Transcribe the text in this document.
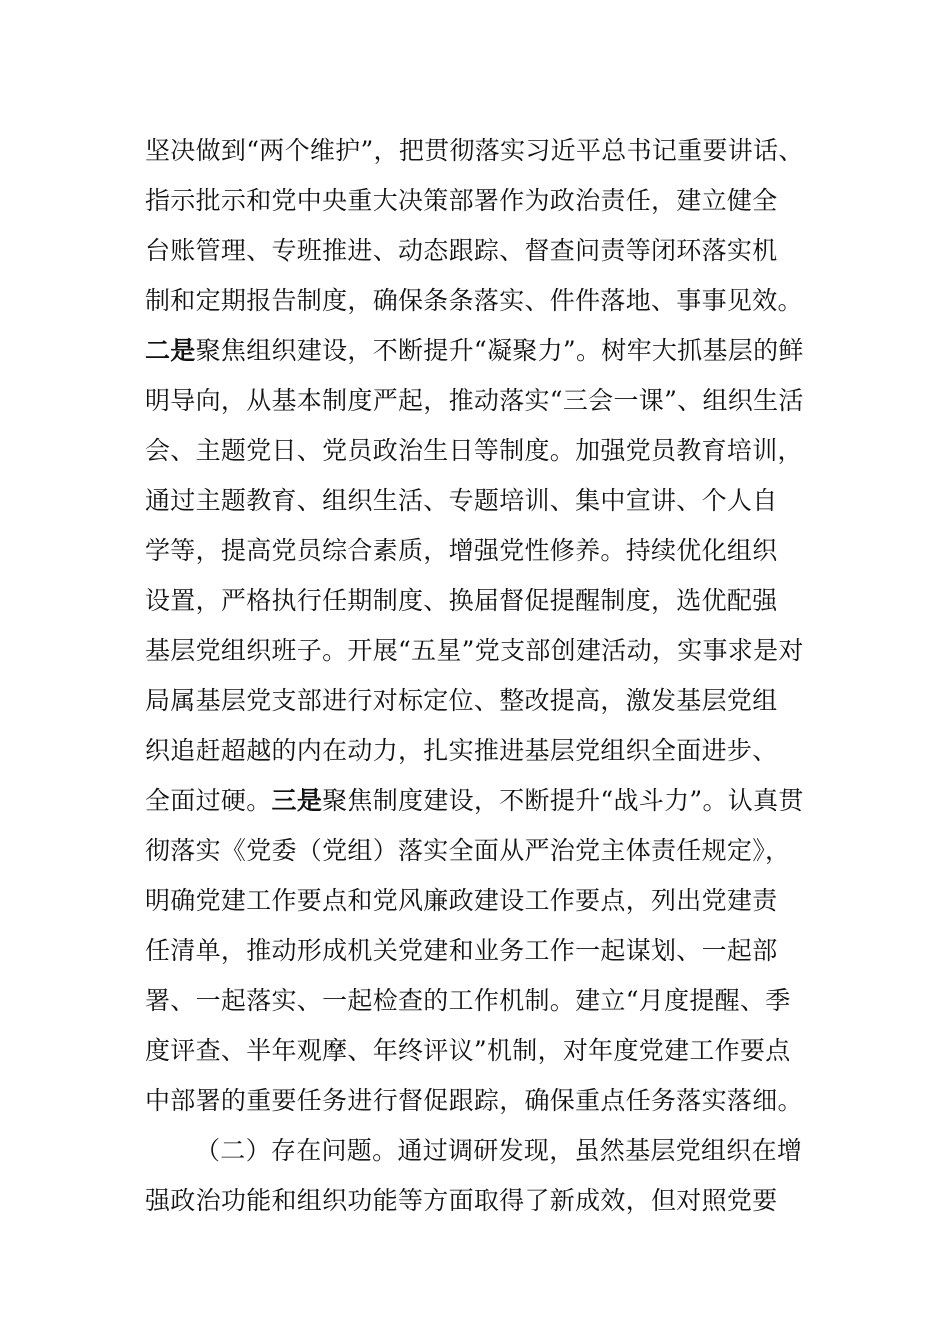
坚决做到“两个维护”，把贯彻落实习近平总书记重要讲话、
指示批示和党中央重大决策部署作为政治责任，建立健全
台账管理、专班推进、动态跟踪、督查问责等闭环落实机
制和定期报告制度，确保条条落实、件件落地、事事见效。
二是聚焦组织建设，不断提升“凝聚力”。树牢大抓基层的鲜
明导向，从基本制度严起，推动落实“三会一课”、组织生活
会、主题党日、党员政治生日等制度。加强党员教育培训，
通过主题教育、组织生活、专题培训、集中宣讲、个人自
学等，提高党员综合素质，增强党性修养。持续优化组织
设置，严格执行任期制度、换届督促提醒制度，选优配强
基层党组织班子。开展“五星”党支部创建活动，实事求是对
局属基层党支部进行对标定位、整改提高，激发基层党组
织追赶超越的内在动力，扎实推进基层党组织全面进步、
全面过硬。三是聚焦制度建设，不断提升“战斗力”。认真贯
彻落实《党委（党组）落实全面从严治党主体责任规定》，
明确党建工作要点和党风廉政建设工作要点，列出党建责
任清单，推动形成机关党建和业务工作一起谋划、一起部
署、一起落实、一起检查的工作机制。建立“月度提醒、季
度评查、半年观摩、年终评议”机制，对年度党建工作要点
中部署的重要任务进行督促跟踪，确保重点任务落实落细。
（二）存在问题。通过调研发现，虽然基层党组织在增
强政治功能和组织功能等方面取得了新成效，但对照党要
